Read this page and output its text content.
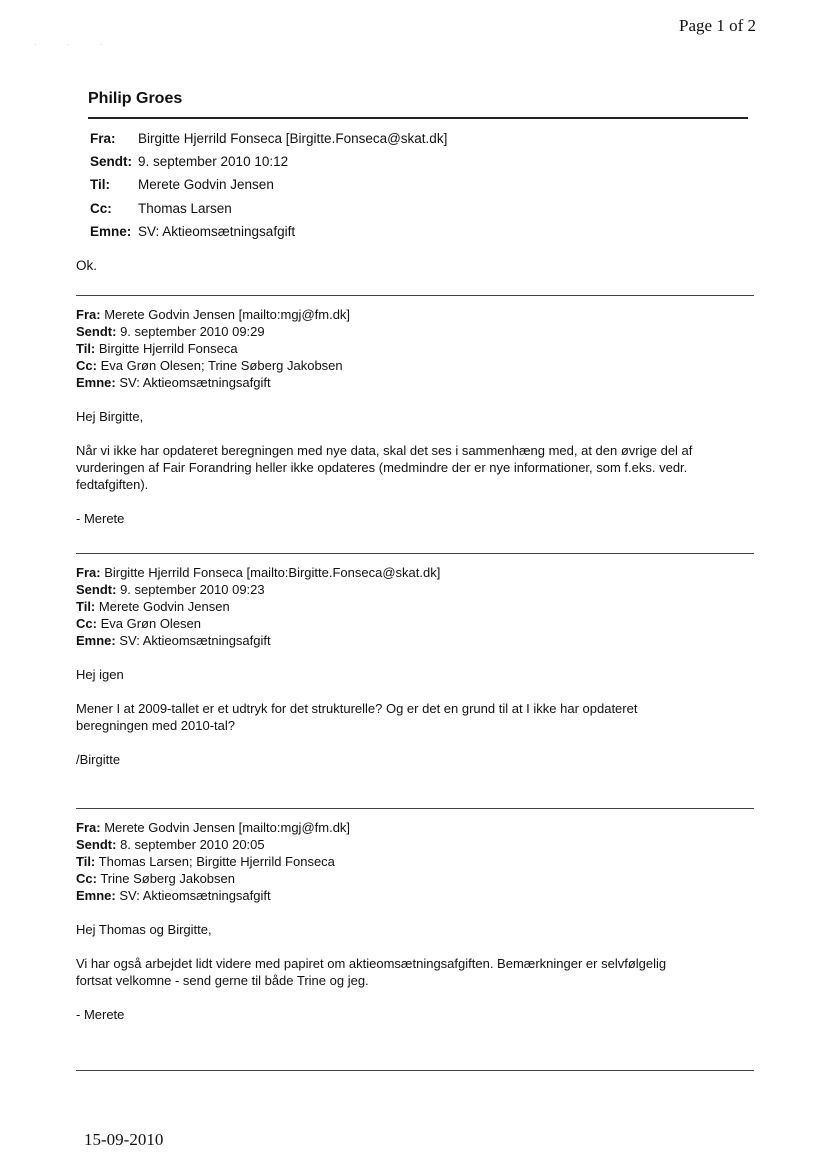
Page 1 of 2
· · ·
Philip Groes
Fra:	Birgitte Hjerrild Fonseca [Birgitte.Fonseca@skat.dk]
Sendt: 9. september 2010 10:12
Til:	Merete Godvin Jensen
Cc:	Thomas Larsen
Emne: SV: Aktieomsætningsafgift
Ok.
Fra: Merete Godvin Jensen [mailto:mgj@fm.dk]
Sendt: 9. september 2010 09:29
Til: Birgitte Hjerrild Fonseca
Cc: Eva Grøn Olesen; Trine Søberg Jakobsen
Emne: SV: Aktieomsætningsafgift

Hej Birgitte,

Når vi ikke har opdateret beregningen med nye data, skal det ses i sammenhæng med, at den øvrige del af

vurderingen af Fair Forandring heller ikke opdateres (medmindre der er nye informationer, som f.eks. vedr.

fedtafgiften).

- Merete

Fra: Birgitte Hjerrild Fonseca [mailto:Birgitte.Fonseca@skat.dk]
Sendt: 9. september 2010 09:23
Til: Merete Godvin Jensen
Cc: Eva Grøn Olesen
Emne: SV: Aktieomsætningsafgift

Hej igen

Mener I at 2009-tallet er et udtryk for det strukturelle? Og er det en grund til at I ikke har opdateret

beregningen med 2010-tal?

/Birgitte

Fra: Merete Godvin Jensen [mailto:mgj@fm.dk]
Sendt: 8. september 2010 20:05
Til: Thomas Larsen; Birgitte Hjerrild Fonseca
Cc: Trine Søberg Jakobsen
Emne: SV: Aktieomsætningsafgift

Hej Thomas og Birgitte,

Vi har også arbejdet lidt videre med papiret om aktieomsætningsafgiften. Bemærkninger er selvfølgelig

fortsat velkomne - send gerne til både Trine og jeg.

- Merete

15-09-2010
